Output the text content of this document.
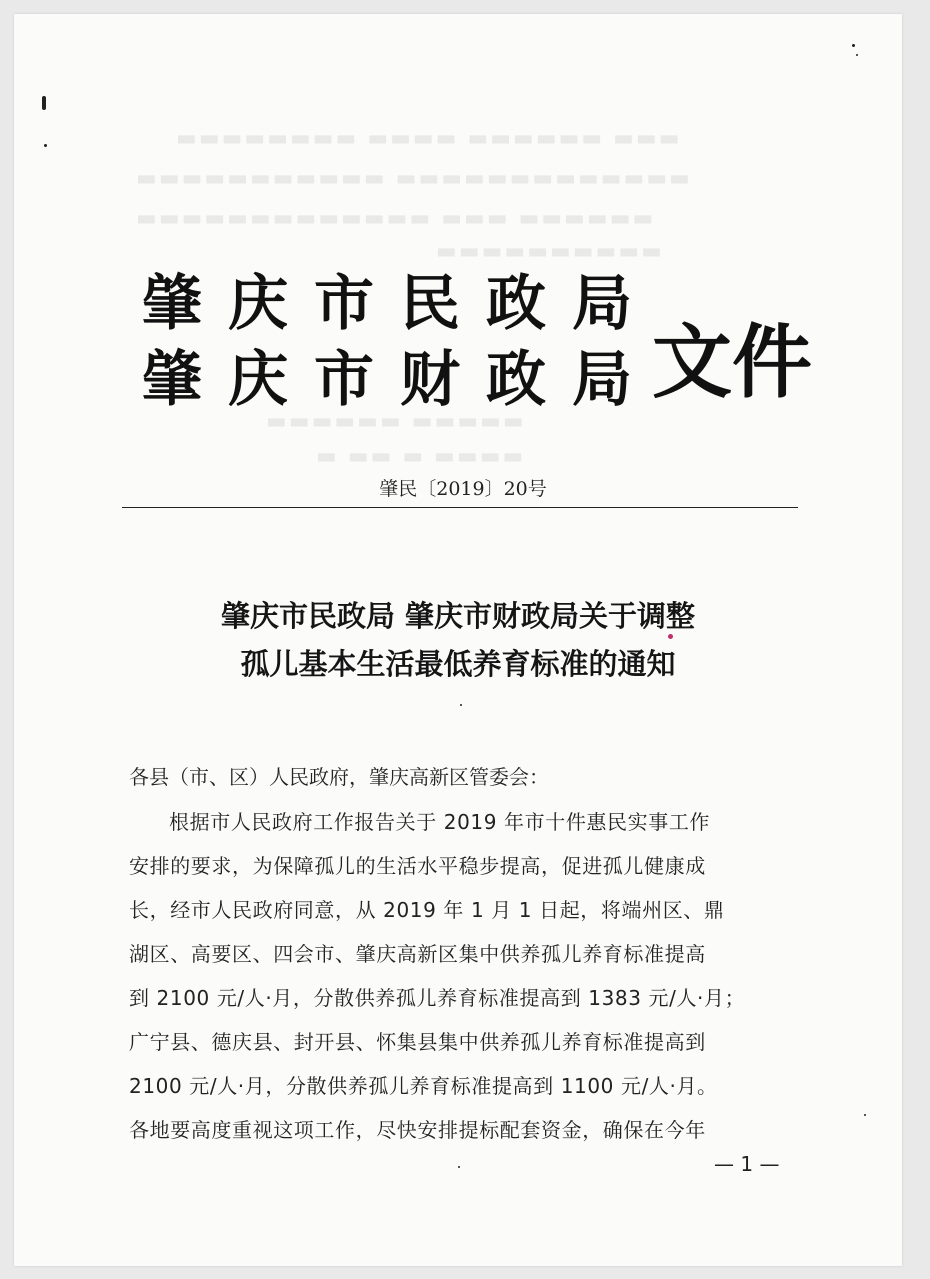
▬▬▬ ▬▬▬▬▬▬ ▬▬▬▬ ▬▬▬▬▬▬▬▬
▬▬▬▬▬▬▬▬▬▬▬▬▬ ▬▬▬▬▬▬▬▬▬▬▬
▬▬▬▬▬▬ ▬▬▬ ▬▬▬▬▬▬▬▬▬▬▬▬▬
▬▬▬▬▬▬▬▬▬▬
▬▬▬▬▬ ▬▬▬▬▬▬
▬▬▬▬ ▬ ▬▬ ▬
肇庆市民政局
肇庆市财政局
文件
肇民〔2019〕20号
肇庆市民政局 肇庆市财政局关于调整
孤儿基本生活最低养育标准的通知
各县（市、区）人民政府，肇庆高新区管委会：
根据市人民政府工作报告关于 2019 年市十件惠民实事工作
安排的要求，为保障孤儿的生活水平稳步提高，促进孤儿健康成
长，经市人民政府同意，从 2019 年 1 月 1 日起，将端州区、鼎
湖区、高要区、四会市、肇庆高新区集中供养孤儿养育标准提高
到 2100 元/人·月，分散供养孤儿养育标准提高到 1383 元/人·月；
广宁县、德庆县、封开县、怀集县集中供养孤儿养育标准提高到
2100 元/人·月，分散供养孤儿养育标准提高到 1100 元/人·月。
各地要高度重视这项工作，尽快安排提标配套资金，确保在今年
— 1 —
